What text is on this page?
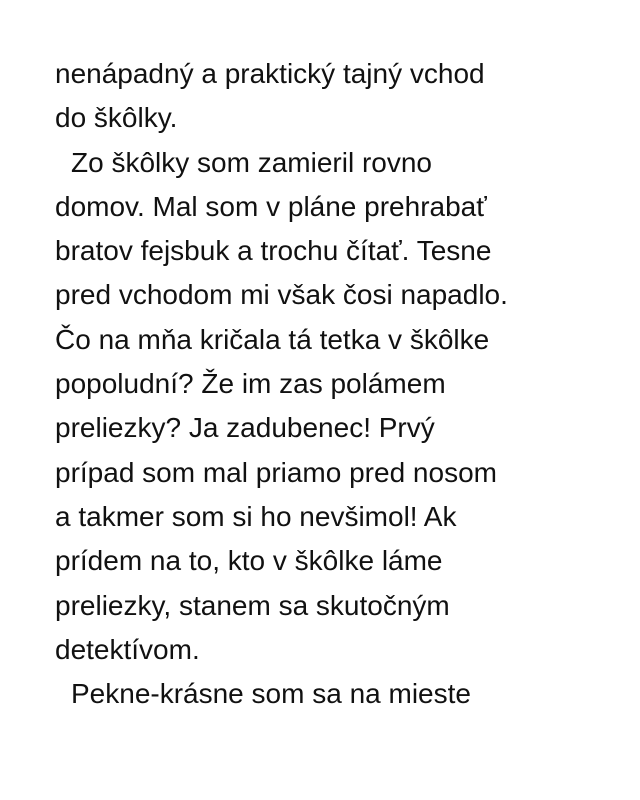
nenápadný a praktický tajný vchod
do škôlky.
Zo škôlky som zamieril rovno
domov. Mal som v pláne prehrabať
bratov fejsbuk a trochu čítať. Tesne
pred vchodom mi však čosi napadlo.
Čo na mňa kričala tá tetka v škôlke
popoludní? Že im zas polámem
preliezky? Ja zadubenec! Prvý
prípad som mal priamo pred nosom
a takmer som si ho nevšimol! Ak
prídem na to, kto v škôlke láme
preliezky, stanem sa skutočným
detektívom.
Pekne-krásne som sa na mieste
